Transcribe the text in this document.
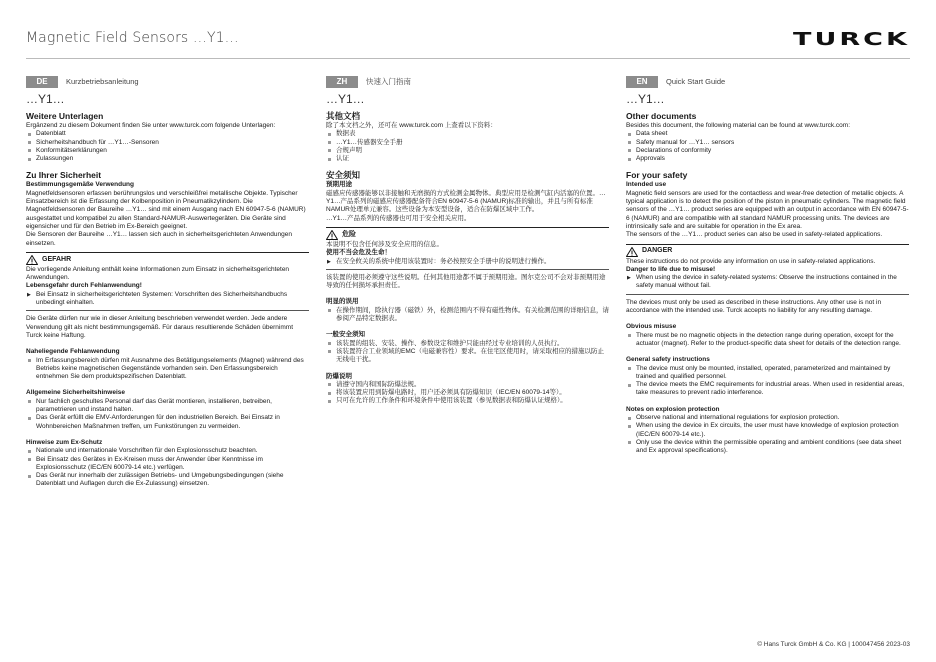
Magnetic Field Sensors …Y1…	TURCK
DE	Kurzbetriebsanleitung
…Y1…
Weitere Unterlagen

Ergänzend zu diesem Dokument finden Sie unter www.turck.com folgende Unterlagen:

Datenblatt
Sicherheitshandbuch für …Y1…-Sensoren
Konformitätserklärungen
Zulassungen
Zu Ihrer Sicherheit
Bestimmungsgemäße Verwendung

Magnetfeldsensoren erfassen berührungslos und verschleißfrei metallische Objekte. Typischer Einsatzbereich ist die Erfassung der Kolbenposition in Pneumatikzylindern. Die Magnetfeldsensoren der Baureihe …Y1… sind mit einem Ausgang nach EN 60947-5-6 (NAMUR) ausgestattet und kompatibel zu allen Standard-NAMUR-Auswertegeräten. Die Geräte sind eigensicher und für den Betrieb im Ex-Bereich geeignet.

Die Sensoren der Baureihe …Y1… lassen sich auch in sicherheitsgerichteten Anwendungen einsetzen.

GEFAHR

Die vorliegende Anleitung enthält keine Informationen zum Einsatz in sicherheitsgerichteten Anwendungen.

Lebensgefahr durch Fehlanwendung!

▶ Bei Einsatz in sicherheitsgerichteten Systemen: Vorschriften des Sicherheitshandbuchs unbedingt einhalten.

Die Geräte dürfen nur wie in dieser Anleitung beschrieben verwendet werden. Jede andere Verwendung gilt als nicht bestimmungsgemäß. Für daraus resultierende Schäden übernimmt Turck keine Haftung.

Naheliegende Fehlanwendung
Im Erfassungsbereich dürfen mit Ausnahme des Betätigungselements (Magnet) während des Betriebs keine magnetischen Gegenstände vorhanden sein. Den Erfassungsbereich entnehmen Sie dem produktspezifischen Datenblatt.
Allgemeine Sicherheitshinweise
Nur fachlich geschultes Personal darf das Gerät montieren, installieren, betreiben, parametrieren und instand halten.
Das Gerät erfüllt die EMV-Anforderungen für den industriellen Bereich. Bei Einsatz in Wohnbereichen Maßnahmen treffen, um Funkstörungen zu vermeiden.
Hinweise zum Ex-Schutz
Nationale und internationale Vorschriften für den Explosionsschutz beachten.
Bei Einsatz des Gerätes in Ex-Kreisen muss der Anwender über Kenntnisse im Explosionsschutz (IEC/EN 60079-14 etc.) verfügen.
Das Gerät nur innerhalb der zulässigen Betriebs- und Umgebungsbedingungen (siehe Datenblatt und Auflagen durch die Ex-Zulassung) einsetzen.
ZH	快速入门指南
…Y1…
其他文档

除了本文档之外，还可在 www.turck.com 上查看以下资料：

数据表
…Y1…传感器安全手册
合规声明
认证
安全须知
预期用途

磁感应传感器能够以非接触和无磨损的方式检测金属物体。典型应用是检测气缸内活塞的位置。…Y1…产品系列的磁感应传感器配备符合EN 60947-5-6 (NAMUR)标准的输出，并且与所有标准NAMUR处理单元兼容。这些设备为本安型设备，适合在防爆区域中工作。

…Y1…产品系列的传感器也可用于安全相关应用。

危险

本说明不包含任何涉及安全应用的信息。

使用不当会危及生命！

▶ 在安全攸关的系统中使用该装置时：务必按照安全手册中的说明进行操作。

该装置的使用必须遵守这些说明。任何其他用途都不属于预期用途。图尔克公司不会对非预期用途导致的任何损坏承担责任。

明显的误用
在操作期间，除执行器（磁铁）外，检测范围内不得有磁性物体。有关检测范围的详细信息，请参阅产品特定数据表。
一般安全须知
该装置的组装、安装、操作、参数设定和维护只能由经过专业培训的人员执行。
该装置符合工业领域的EMC（电磁兼容性）要求。在住宅区使用时，请采取相应的措施以防止无线电干扰。
防爆说明
请遵守国内和国际防爆法规。
将该装置应用到防爆电路时，用户还必须具有防爆知识（IEC/EN 60079-14等）。
只可在允许的工作条件和环境条件中使用该装置（参见数据表和防爆认证规格）。
EN	Quick Start Guide
…Y1…
Other documents

Besides this document, the following material can be found at www.turck.com:

Data sheet
Safety manual for …Y1… sensors
Declarations of conformity
Approvals
For your safety
Intended use

Magnetic field sensors are used for the contactless and wear-free detection of metallic objects. A typical application is to detect the position of the piston in pneumatic cylinders. The magnetic field sensors of the …Y1… product series are equipped with an output in accordance with EN 60947-5-6 (NAMUR) and are compatible with all standard NAMUR processing units. The devices are intrinsically safe and are suitable for operation in the Ex area.

The sensors of the …Y1… product series can also be used in safety-related applications.

DANGER

These instructions do not provide any information on use in safety-related applications.

Danger to life due to misuse!

▶ When using the device in safety-related systems: Observe the instructions contained in the safety manual without fail.

The devices must only be used as described in these instructions. Any other use is not in accordance with the intended use. Turck accepts no liability for any resulting damage.

Obvious misuse
There must be no magnetic objects in the detection range during operation, except for the actuator (magnet). Refer to the product-specific data sheet for details of the detection range.
General safety instructions
The device must only be mounted, installed, operated, parameterized and maintained by trained and qualified personnel.
The device meets the EMC requirements for industrial areas. When used in residential areas, take measures to prevent radio interference.
Notes on explosion protection
Observe national and international regulations for explosion protection.
When using the device in Ex circuits, the user must have knowledge of explosion protection (IEC/EN 60079-14 etc.).
Only use the device within the permissible operating and ambient conditions (see data sheet and Ex approval specifications).
© Hans Turck GmbH & Co. KG | 100047456 2023-03
